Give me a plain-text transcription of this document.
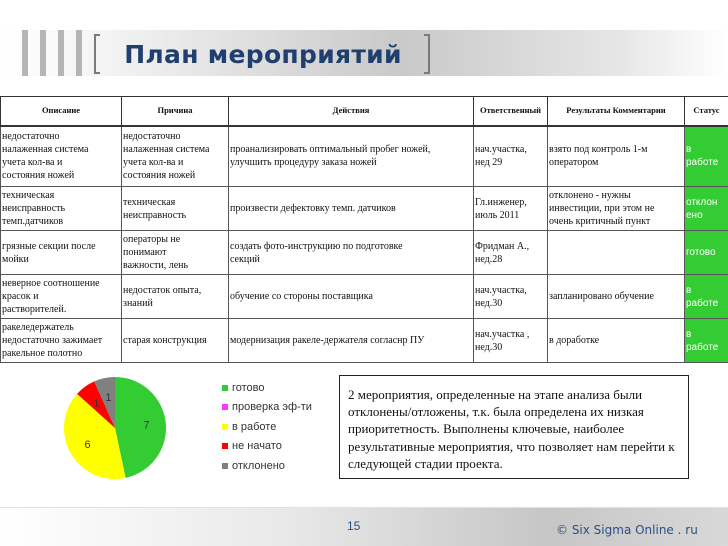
План мероприятий
Описание	Причина	Действия	Ответственный	Результаты Комментарии	Статус
недостаточно
налаженная система
учета кол-ва и
состояния ножей	недостаточно
налаженная система
учета кол-ва и
состояния ножей	проанализировать оптимальный пробег ножей,
улучшить процедуру заказа ножей	нач.участка,
нед 29	взято под контроль 1-м
оператором	в
работе
техническая
неисправность
темп.датчиков	техническая
неисправность	произвести дефектовку темп. датчиков	Гл.инженер,
июль 2011	отклонено - нужны
инвестиции, при этом не
очень критичный пункт	отклон
ено
грязные секции после
мойки	операторы не
понимают
важности, лень	создать фото-инструкцию по подготовке
секций	Фридман А.,
нед.28		готово
неверное соотношение
красок и
растворителей.	недостаток опыта,
знаний	обучение со стороны поставщика	нач.участка,
нед.30	запланировано обучение	в
работе
ракеледержатель
недостаточно зажимает
ракельное полотно	старая конструкция	модернизация ракеле-держателя согласнр ПУ	нач.участка ,
нед.30	в доработке	в
работе
7
6
1 1
готово
проверка эф-ти
в работе
не начато
отклонено
2 мероприятия, определенные на этапе анализа были отклонены/отложены, т.к. была определена их низкая приоритетность. Выполнены ключевые, наиболее результативные мероприятия, что позволяет нам перейти к следующей стадии проекта.
15	© Six Sigma Online . ru
